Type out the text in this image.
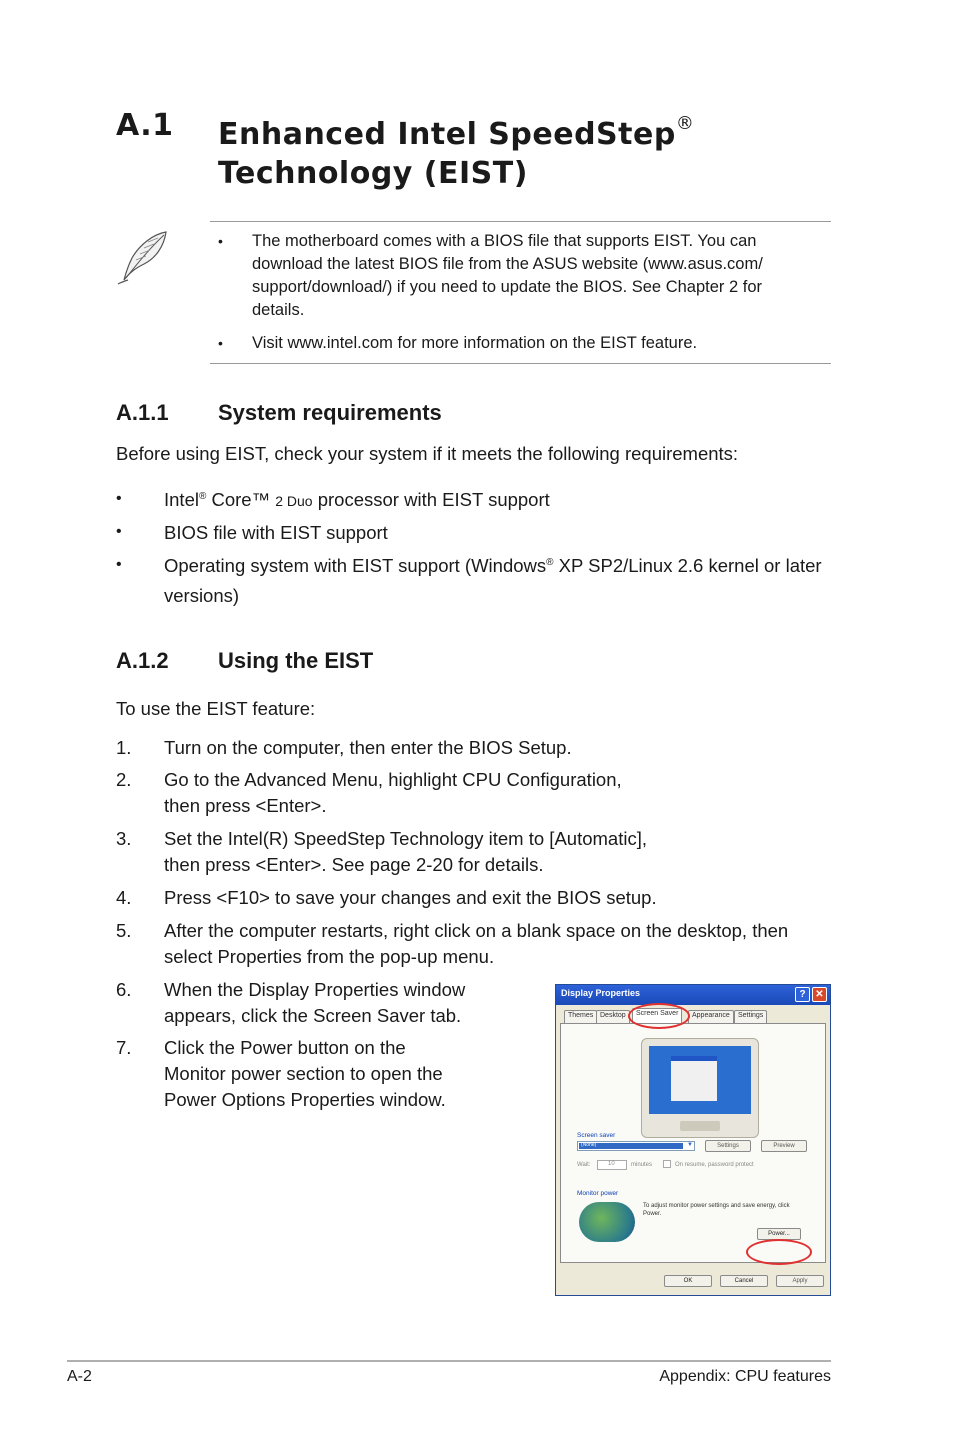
A.1 Enhanced Intel SpeedStep®
Technology (EIST)
• The motherboard comes with a BIOS file that supports EIST. You can download the latest BIOS file from the ASUS website (www.asus.com/ support/download/) if you need to update the BIOS. See Chapter 2 for details.
• Visit www.intel.com for more information on the EIST feature.
A.1.1 System requirements
Before using EIST, check your system if it meets the following requirements:
• Intel® Core™ 2 Duo processor with EIST support
• BIOS file with EIST support
• Operating system with EIST support (Windows® XP SP2/Linux 2.6 kernel or later versions)
A.1.2 Using the EIST
To use the EIST feature:
1. Turn on the computer, then enter the BIOS Setup.
2. Go to the Advanced Menu, highlight CPU Configuration, then press <Enter>.
3. Set the Intel(R) SpeedStep Technology item to [Automatic], then press <Enter>. See page 2-20 for details.
4. Press <F10> to save your changes and exit the BIOS setup.
5. After the computer restarts, right click on a blank space on the desktop, then select Properties from the pop-up menu.
6. When the Display Properties window appears, click the Screen Saver tab.
7. Click the Power button on the Monitor power section to open the Power Options Properties window.
Display Properties	? ✕
Themes Desktop	Screen Saver	Appearance	Settings
Screen saver
(None)	▼	Settings	Preview
Wait:	10	minutes	On resume, password protect
Monitor power
To adjust monitor power settings and save energy, click Power.
Power...
OK	Cancel	Apply
A-2	Appendix: CPU features
